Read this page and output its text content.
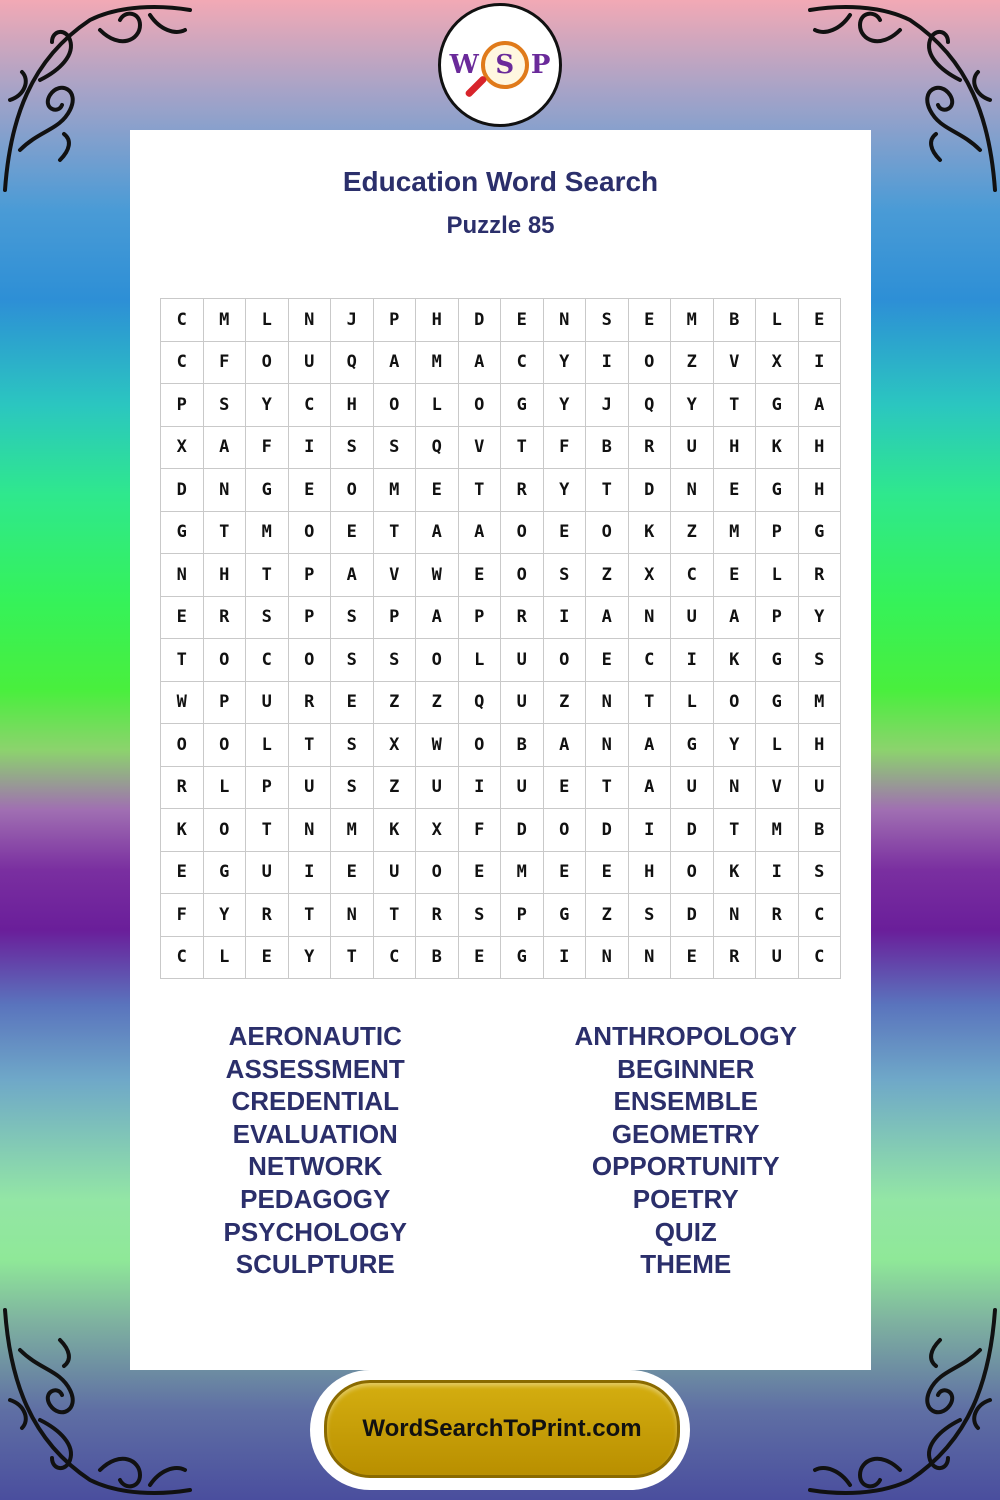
W S P
Education Word Search
Puzzle 85
C	M	L	N	J	P	H	D	E	N	S	E	M	B	L	E
C	F	O	U	Q	A	M	A	C	Y	I	O	Z	V	X	I
P	S	Y	C	H	O	L	O	G	Y	J	Q	Y	T	G	A
X	A	F	I	S	S	Q	V	T	F	B	R	U	H	K	H
D	N	G	E	O	M	E	T	R	Y	T	D	N	E	G	H
G	T	M	O	E	T	A	A	O	E	O	K	Z	M	P	G
N	H	T	P	A	V	W	E	O	S	Z	X	C	E	L	R
E	R	S	P	S	P	A	P	R	I	A	N	U	A	P	Y
T	O	C	O	S	S	O	L	U	O	E	C	I	K	G	S
W	P	U	R	E	Z	Z	Q	U	Z	N	T	L	O	G	M
O	O	L	T	S	X	W	O	B	A	N	A	G	Y	L	H
R	L	P	U	S	Z	U	I	U	E	T	A	U	N	V	U
K	O	T	N	M	K	X	F	D	O	D	I	D	T	M	B
E	G	U	I	E	U	O	E	M	E	E	H	O	K	I	S
F	Y	R	T	N	T	R	S	P	G	Z	S	D	N	R	C
C	L	E	Y	T	C	B	E	G	I	N	N	E	R	U	C
AERONAUTIC
ASSESSMENT
CREDENTIAL
EVALUATION
NETWORK
PEDAGOGY
PSYCHOLOGY
SCULPTURE
ANTHROPOLOGY
BEGINNER
ENSEMBLE
GEOMETRY
OPPORTUNITY
POETRY
QUIZ
THEME
WordSearchToPrint.com
